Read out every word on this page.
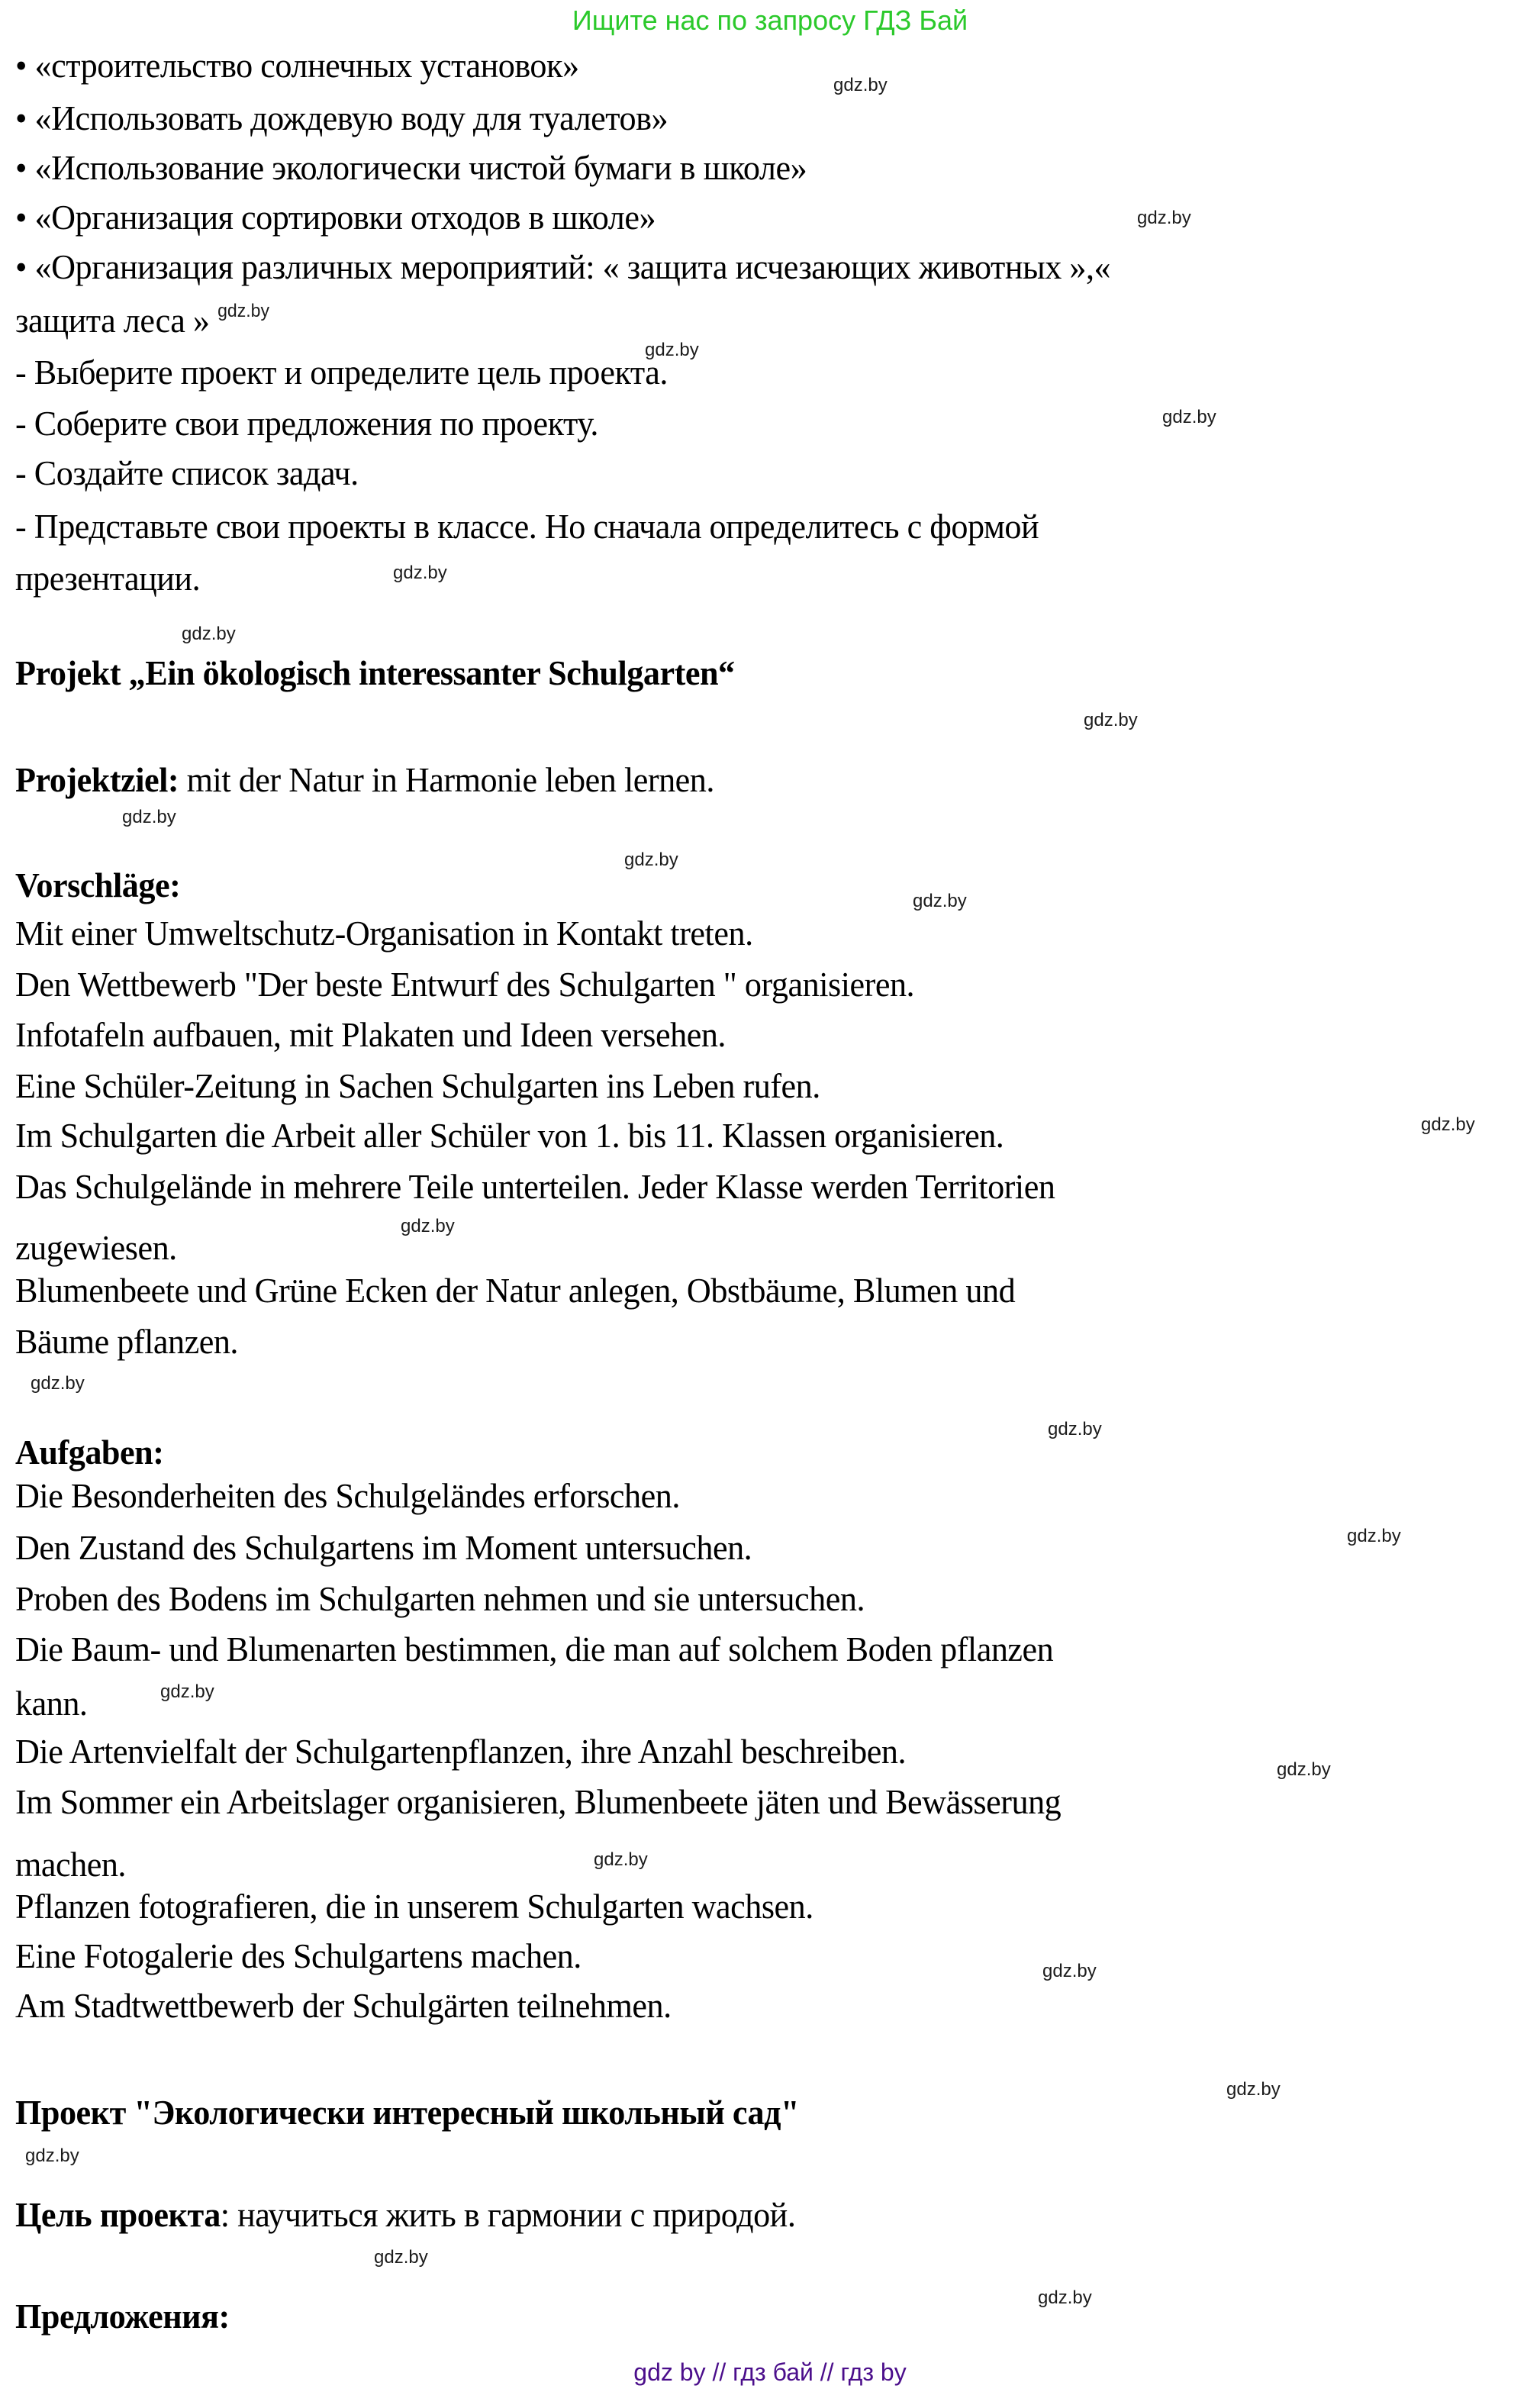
Ищите нас по запросу ГДЗ Бай
• «строительство солнечных установок»
• «Использовать дождевую воду для туалетов»
• «Использование экологически чистой бумаги в школе»
• «Организация сортировки отходов в школе»
• «Организация различных мероприятий: « защита исчезающих животных »,«
защита леса » $^{gdz.by}$
- Выберите проект и определите цель проекта.
- Соберите свои предложения по проекту.
- Создайте список задач.
- Представьте свои проекты в классе. Но сначала определитесь с формой
презентации.
Projekt „Ein ökologisch interessanter Schulgarten“
Projektziel: mit der Natur in Harmonie leben lernen.
Vorschläge:
Mit einer Umweltschutz-Organisation in Kontakt treten.
Den Wettbewerb "Der beste Entwurf des Schulgarten " organisieren.
Infotafeln aufbauen, mit Plakaten und Ideen versehen.
Eine Schüler-Zeitung in Sachen Schulgarten ins Leben rufen.
Im Schulgarten die Arbeit aller Schüler von 1. bis 11. Klassen organisieren.
Das Schulgelände in mehrere Teile unterteilen. Jeder Klasse werden Territorien
zugewiesen.
Blumenbeete und Grüne Ecken der Natur anlegen, Obstbäume, Blumen und
Bäume pflanzen.
Aufgaben:
Die Besonderheiten des Schulgeländes erforschen.
Den Zustand des Schulgartens im Moment untersuchen.
Proben des Bodens im Schulgarten nehmen und sie untersuchen.
Die Baum- und Blumenarten bestimmen, die man auf solchem Boden pflanzen
kann.
Die Artenvielfalt der Schulgartenpflanzen, ihre Anzahl beschreiben.
Im Sommer ein Arbeitslager organisieren, Blumenbeete jäten und Bewässerung
machen.
Pflanzen fotografieren, die in unserem Schulgarten wachsen.
Eine Fotogalerie des Schulgartens machen.
Am Stadtwettbewerb der Schulgärten teilnehmen.
Проект "Экологически интересный школьный сад"
Цель проекта: научиться жить в гармонии с природой.
Предложения:
gdz.by
gdz.by
gdz.by
gdz.by
gdz.by
gdz.by
gdz.by
gdz.by
gdz.by
gdz.by
gdz.by
gdz.by
gdz.by
gdz.by
gdz.by
gdz.by
gdz.by
gdz.by
gdz.by
gdz.by
gdz.by
gdz.by
gdz.by
gdz by // гдз бай // гдз by
